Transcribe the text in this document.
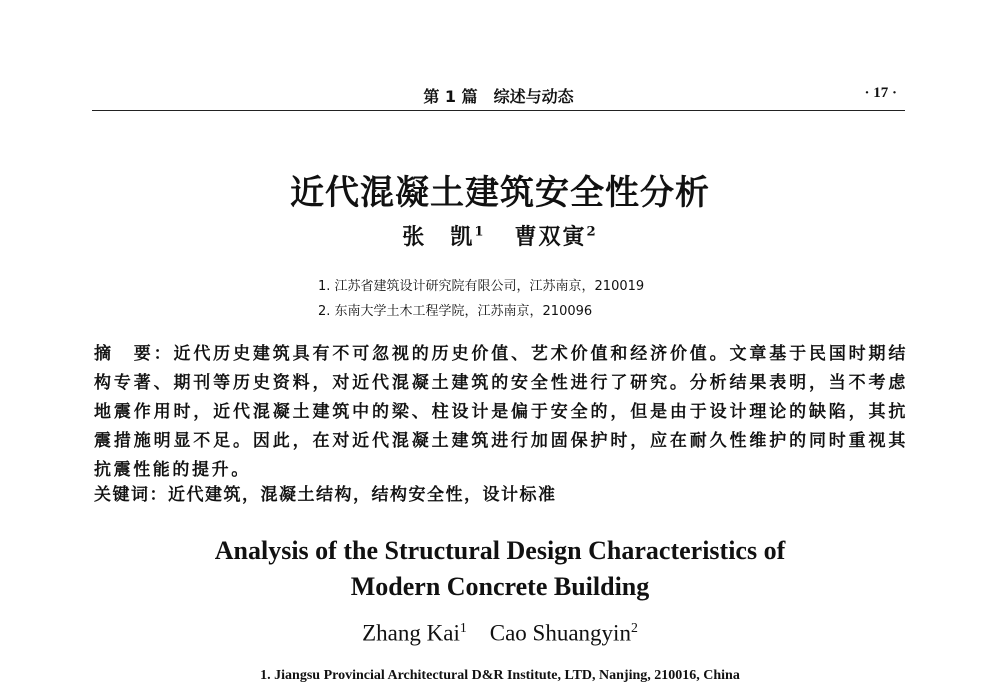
第 1 篇　综述与动态	· 17 ·
近代混凝土建筑安全性分析
张　凯$^1$ 曹双寅$^2$
1. 江苏省建筑设计研究院有限公司，江苏南京，210019
2. 东南大学土木工程学院，江苏南京，210096
摘　要：近代历史建筑具有不可忽视的历史价值、艺术价值和经济价值。文章基于民国时期结构专著、期刊等历史资料，对近代混凝土建筑的安全性进行了研究。分析结果表明，当不考虑地震作用时，近代混凝土建筑中的梁、柱设计是偏于安全的，但是由于设计理论的缺陷，其抗震措施明显不足。因此，在对近代混凝土建筑进行加固保护时，应在耐久性维护的同时重视其抗震性能的提升。
关键词：近代建筑，混凝土结构，结构安全性，设计标准
Analysis of the Structural Design Characteristics of
Modern Concrete Building
Zhang Kai$^1$ Cao Shuangyin$^2$
1. Jiangsu Provincial Architectural D&R Institute, LTD, Nanjing, 210016, China
